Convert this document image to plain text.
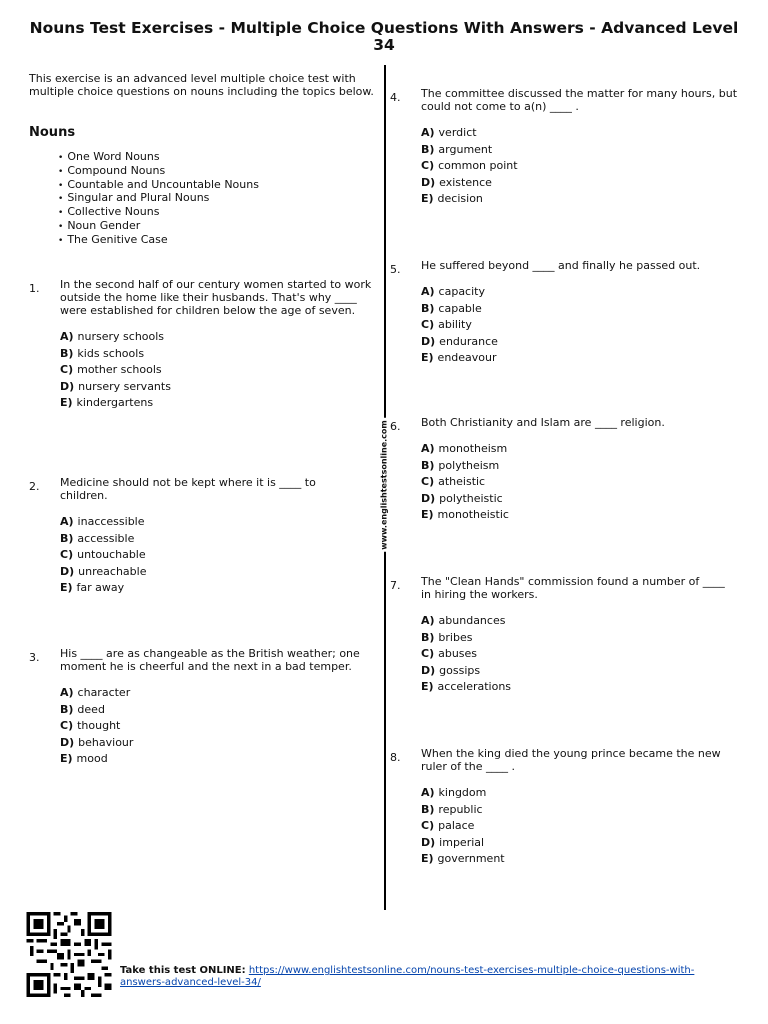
Nouns Test Exercises - Multiple Choice Questions With Answers - Advanced Level
34
This exercise is an advanced level multiple choice test with multiple choice questions on nouns including the topics below.
Nouns
• One Word Nouns
• Compound Nouns
• Countable and Uncountable Nouns
• Singular and Plural Nouns
• Collective Nouns
• Noun Gender
• The Genitive Case
www.englishtestsonline.com
1. In the second half of our century women started to work outside the home like their husbands. That's why ____ were established for children below the age of seven.
A) nursery schools
B) kids schools
C) mother schools
D) nursery servants
E) kindergartens
2. Medicine should not be kept where it is ____ to children.
A) inaccessible
B) accessible
C) untouchable
D) unreachable
E) far away
3. His ____ are as changeable as the British weather; one moment he is cheerful and the next in a bad temper.
A) character
B) deed
C) thought
D) behaviour
E) mood
4. The committee discussed the matter for many hours, but could not come to a(n) ____ .
A) verdict
B) argument
C) common point
D) existence
E) decision
5. He suffered beyond ____ and finally he passed out.
A) capacity
B) capable
C) ability
D) endurance
E) endeavour
6. Both Christianity and Islam are ____ religion.
A) monotheism
B) polytheism
C) atheistic
D) polytheistic
E) monotheistic
7. The "Clean Hands" commission found a number of ____ in hiring the workers.
A) abundances
B) bribes
C) abuses
D) gossips
E) accelerations
8. When the king died the young prince became the new ruler of the ____ .
A) kingdom
B) republic
C) palace
D) imperial
E) government
Take this test ONLINE: https://www.englishtestsonline.com/nouns-test-exercises-multiple-choice-questions-with-answers-advanced-level-34/
